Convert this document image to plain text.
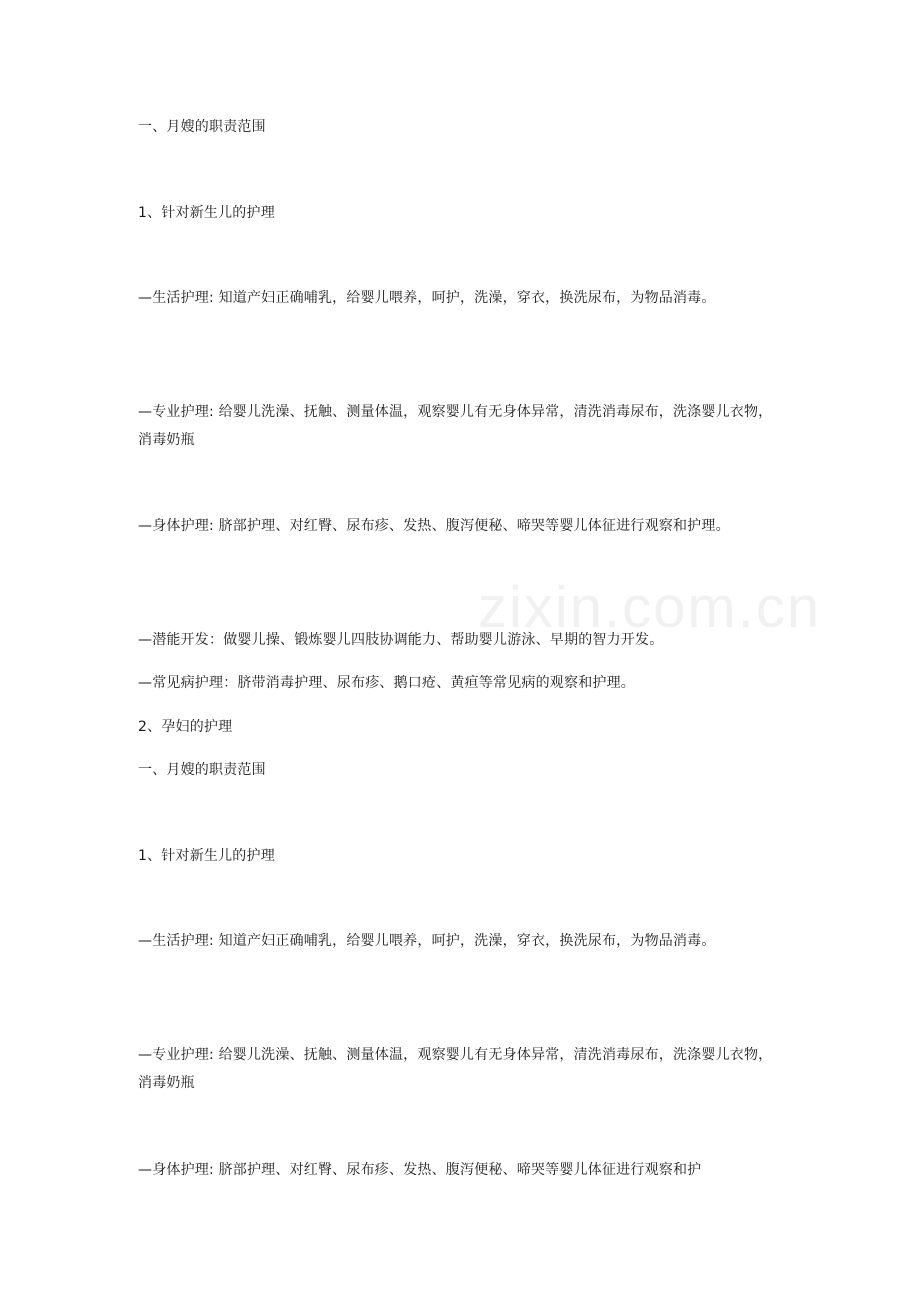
zixin.com.cn
一、月嫂的职责范围
1、针对新生儿的护理
—生活护理: 知道产妇正确哺乳，给婴儿喂养，呵护，洗澡，穿衣，换洗尿布，为物品消毒。
—专业护理: 给婴儿洗澡、抚触、测量体温，观察婴儿有无身体异常，清洗消毒尿布，洗涤婴儿衣物，消毒奶瓶
—身体护理: 脐部护理、对红臀、尿布疹、发热、腹泻便秘、啼哭等婴儿体征进行观察和护理。
—潜能开发：做婴儿操、锻炼婴儿四肢协调能力、帮助婴儿游泳、早期的智力开发。
—常见病护理：脐带消毒护理、尿布疹、鹅口疮、黄疸等常见病的观察和护理。
2、孕妇的护理
一、月嫂的职责范围
1、针对新生儿的护理
—生活护理: 知道产妇正确哺乳，给婴儿喂养，呵护，洗澡，穿衣，换洗尿布，为物品消毒。
—专业护理: 给婴儿洗澡、抚触、测量体温，观察婴儿有无身体异常，清洗消毒尿布，洗涤婴儿衣物，消毒奶瓶
—身体护理: 脐部护理、对红臀、尿布疹、发热、腹泻便秘、啼哭等婴儿体征进行观察和护
